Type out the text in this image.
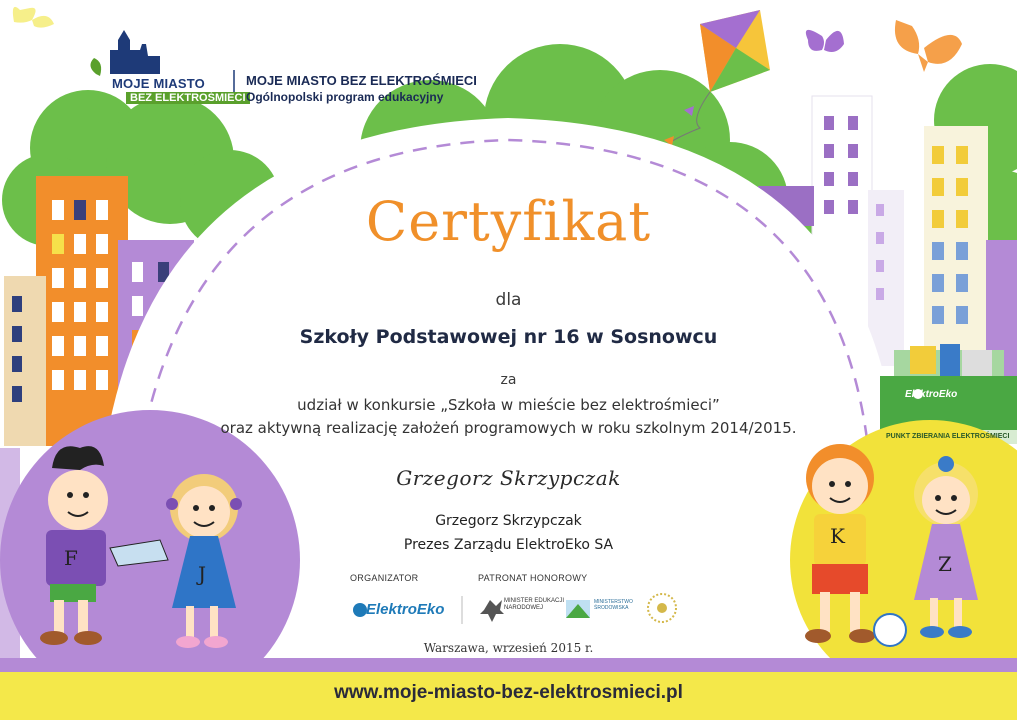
MOJE MIASTO
BEZ ELEKTROŚMIECI
MOJE MIASTO BEZ ELEKTROŚMIECI
Ogólnopolski program edukacyjny
Certyfikat
dla
Szkoły Podstawowej nr 16 w Sosnowcu
za
udział w konkursie „Szkoła w mieście bez elektrośmieci”
oraz aktywną realizację założeń programowych w roku szkolnym 2014/2015.
Grzegorz Skrzypczak
Grzegorz Skrzypczak
Prezes Zarządu ElektroEko SA
ORGANIZATOR	PATRONAT HONOROWY
ElektroEko	MINISTER EDUKACJI NARODOWEJ
MINISTERSTWO ŚRODOWISKA
ElektroEko
PUNKT ZBIERANIA ELEKTROŚMIECI
F
J
K
Z
Warszawa, wrzesień 2015 r.
www.moje-miasto-bez-elektrosmieci.pl
